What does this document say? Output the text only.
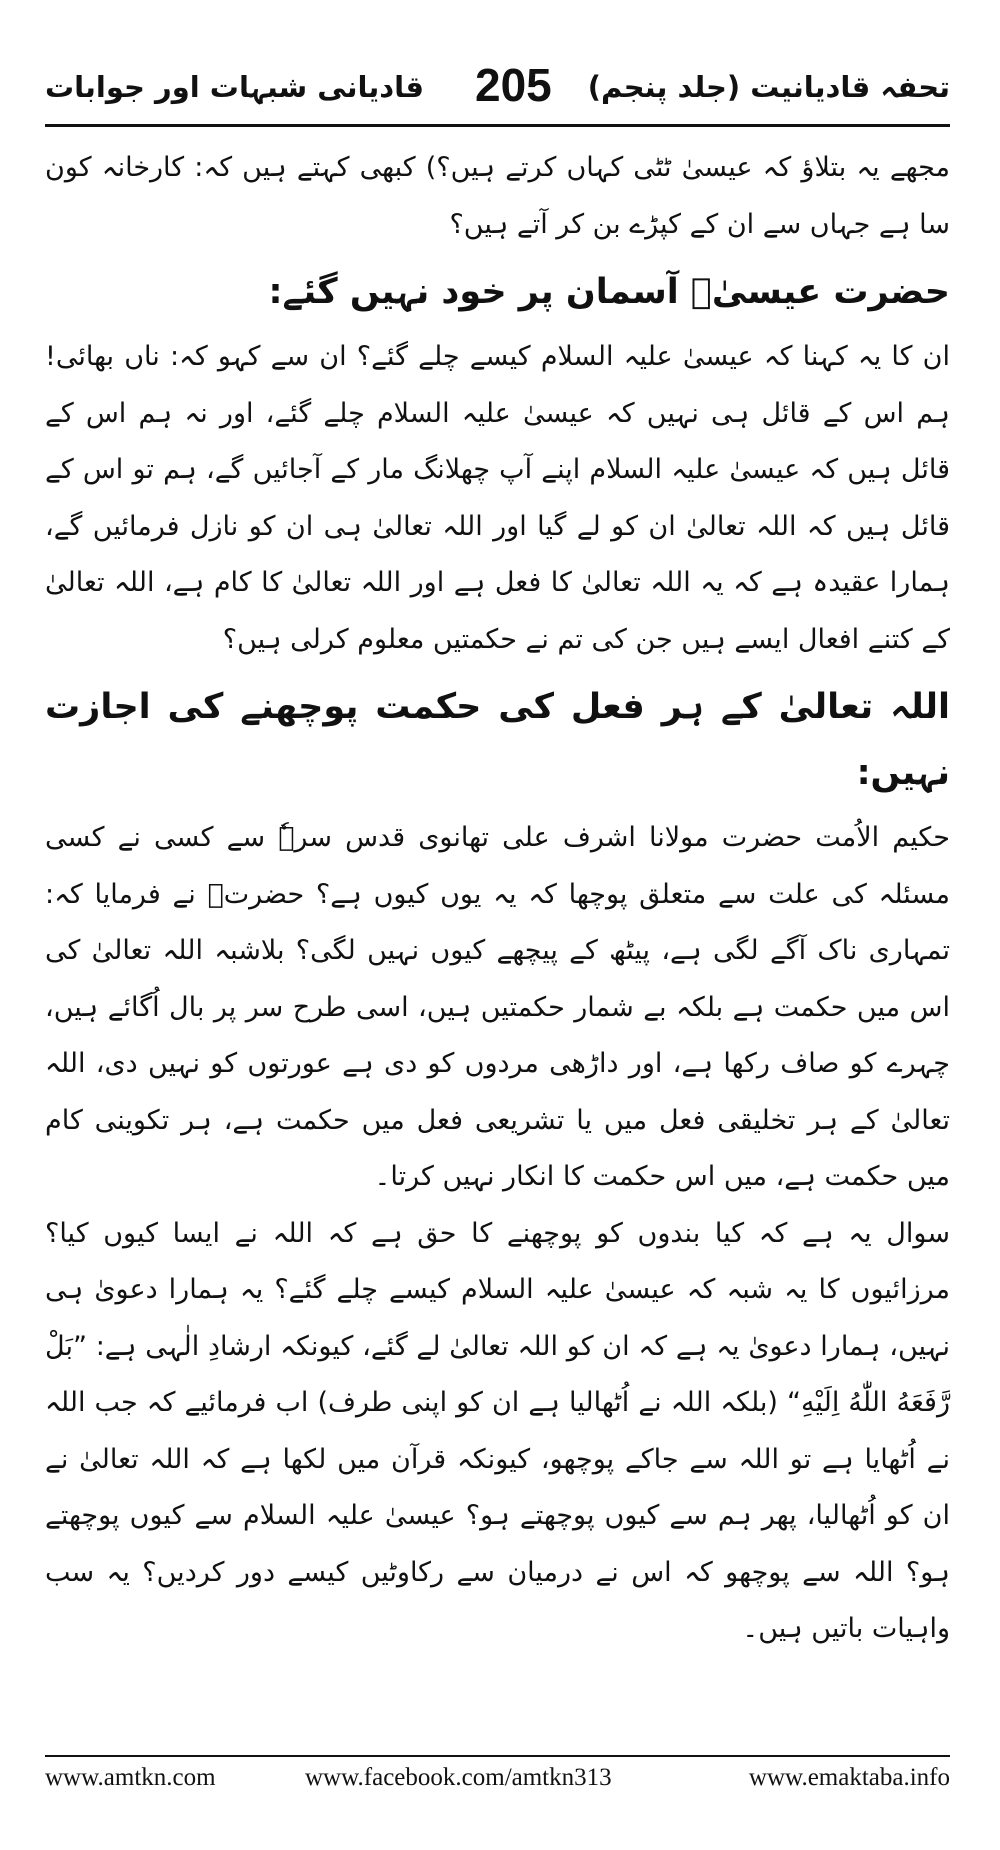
تحفہ قادیانیت (جلد پنجم)
205
قادیانی شبہات اور جوابات

مجھے یہ بتلاؤ کہ عیسیٰ ٹٹی کہاں کرتے ہیں؟) کبھی کہتے ہیں کہ: کارخانہ کون سا ہے جہاں سے ان کے کپڑے بن کر آتے ہیں؟

حضرت عیسیٰؑ آسمان پر خود نہیں گئے:

ان کا یہ کہنا کہ عیسیٰ علیہ السلام کیسے چلے گئے؟ ان سے کہو کہ: ناں بھائی! ہم اس کے قائل ہی نہیں کہ عیسیٰ علیہ السلام چلے گئے، اور نہ ہم اس کے قائل ہیں کہ عیسیٰ علیہ السلام اپنے آپ چھلانگ مار کے آجائیں گے، ہم تو اس کے قائل ہیں کہ اللہ تعالیٰ ان کو لے گیا اور اللہ تعالیٰ ہی ان کو نازل فرمائیں گے، ہمارا عقیدہ ہے کہ یہ اللہ تعالیٰ کا فعل ہے اور اللہ تعالیٰ کا کام ہے، اللہ تعالیٰ کے کتنے افعال ایسے ہیں جن کی تم نے حکمتیں معلوم کرلی ہیں؟

اللہ تعالیٰ کے ہر فعل کی حکمت پوچھنے کی اجازت نہیں:

حکیم الاُمت حضرت مولانا اشرف علی تھانوی قدس سرہٗ سے کسی نے کسی مسئلہ کی علت سے متعلق پوچھا کہ یہ یوں کیوں ہے؟ حضرتؒ نے فرمایا کہ: تمہاری ناک آگے لگی ہے، پیٹھ کے پیچھے کیوں نہیں لگی؟ بلاشبہ اللہ تعالیٰ کی اس میں حکمت ہے بلکہ بے شمار حکمتیں ہیں، اسی طرح سر پر بال اُگائے ہیں، چہرے کو صاف رکھا ہے، اور داڑھی مردوں کو دی ہے عورتوں کو نہیں دی، اللہ تعالیٰ کے ہر تخلیقی فعل میں یا تشریعی فعل میں حکمت ہے، ہر تکوینی کام میں حکمت ہے، میں اس حکمت کا انکار نہیں کرتا۔

سوال یہ ہے کہ کیا بندوں کو پوچھنے کا حق ہے کہ اللہ نے ایسا کیوں کیا؟ مرزائیوں کا یہ شبہ کہ عیسیٰ علیہ السلام کیسے چلے گئے؟ یہ ہمارا دعویٰ ہی نہیں، ہمارا دعویٰ یہ ہے کہ ان کو اللہ تعالیٰ لے گئے، کیونکہ ارشادِ الٰہی ہے: ”بَلْ رَّفَعَهُ اللّٰهُ اِلَيْهِ“ (بلکہ اللہ نے اُٹھالیا ہے ان کو اپنی طرف) اب فرمائیے کہ جب اللہ نے اُٹھایا ہے تو اللہ سے جاکے پوچھو، کیونکہ قرآن میں لکھا ہے کہ اللہ تعالیٰ نے ان کو اُٹھالیا، پھر ہم سے کیوں پوچھتے ہو؟ عیسیٰ علیہ السلام سے کیوں پوچھتے ہو؟ اللہ سے پوچھو کہ اس نے درمیان سے رکاوٹیں کیسے دور کردیں؟ یہ سب واہیات باتیں ہیں۔

www.amtkn.com	www.facebook.com/amtkn313	www.emaktaba.info
